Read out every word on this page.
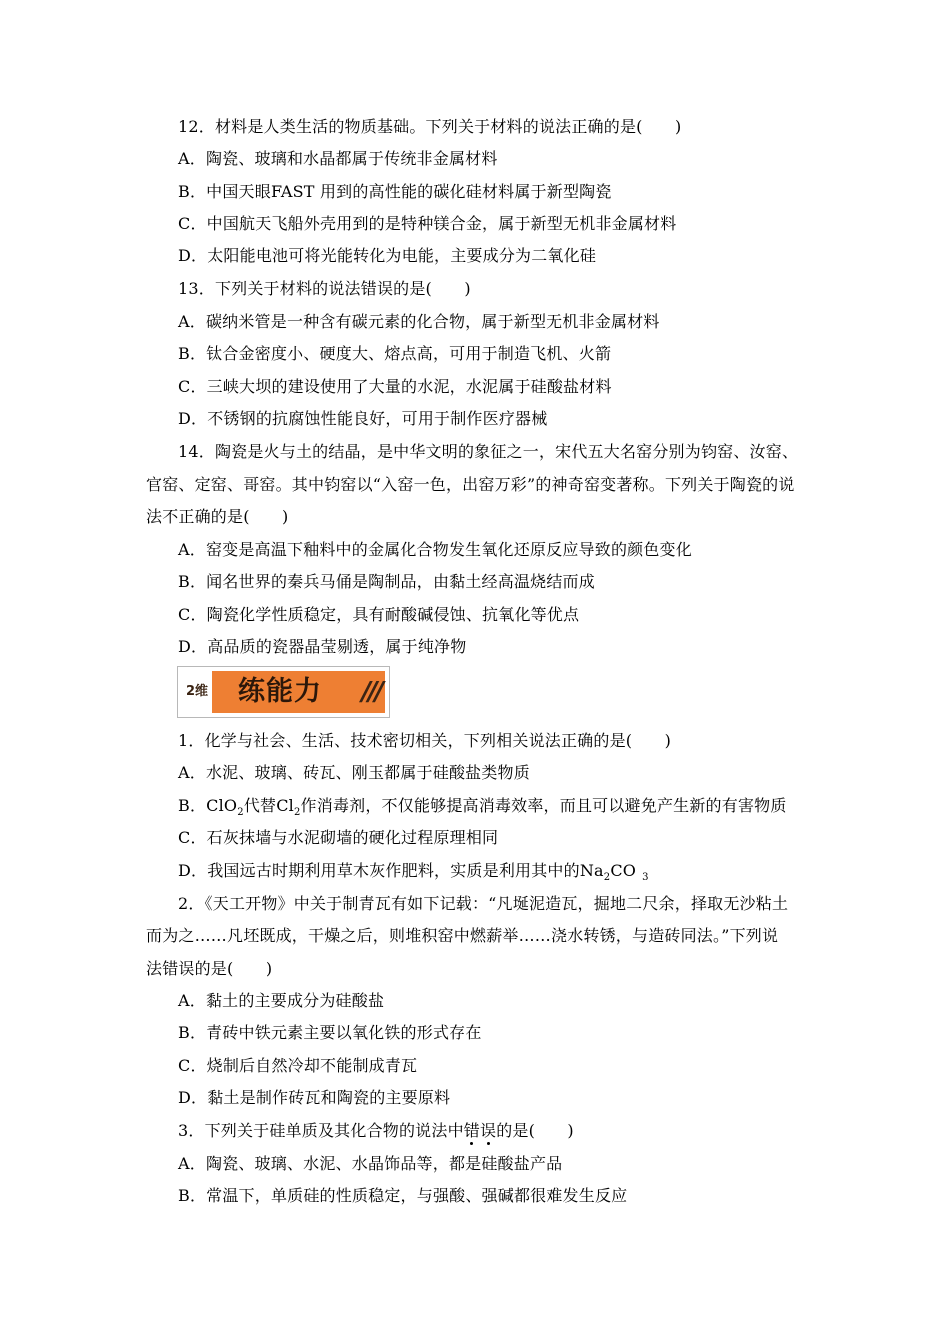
12．材料是人类生活的物质基础。下列关于材料的说法正确的是(　　)
A．陶瓷、玻璃和水晶都属于传统非金属材料
B．中国天眼FAST 用到的高性能的碳化硅材料属于新型陶瓷
C．中国航天飞船外壳用到的是特种镁合金，属于新型无机非金属材料
D．太阳能电池可将光能转化为电能，主要成分为二氧化硅
13．下列关于材料的说法错误的是(　　)
A．碳纳米管是一种含有碳元素的化合物，属于新型无机非金属材料
B．钛合金密度小、硬度大、熔点高，可用于制造飞机、火箭
C．三峡大坝的建设使用了大量的水泥，水泥属于硅酸盐材料
D．不锈钢的抗腐蚀性能良好，可用于制作医疗器械
14．陶瓷是火与土的结晶，是中华文明的象征之一，宋代五大名窑分别为钧窑、汝窑、
官窑、定窑、哥窑。其中钧窑以“入窑一色，出窑万彩”的神奇窑变著称。下列关于陶瓷的说
法不正确的是(　　)
A．窑变是高温下釉料中的金属化合物发生氧化还原反应导致的颜色变化
B．闻名世界的秦兵马俑是陶制品，由黏土经高温烧结而成
C．陶瓷化学性质稳定，具有耐酸碱侵蚀、抗氧化等优点
D．高品质的瓷器晶莹剔透，属于纯净物
2维 练能力 ///
1．化学与社会、生活、技术密切相关，下列相关说法正确的是(　　)
A．水泥、玻璃、砖瓦、刚玉都属于硅酸盐类物质
B．ClO$_2$代替$Cl_2$作消毒剂，不仅能够提高消毒效率，而且可以避免产生新的有害物质
C．石灰抹墙与水泥砌墙的硬化过程原理相同
D．我国远古时期利用草木灰作肥料，实质是利用其中的$Na_2CO$ $_3$
2．《天工开物》中关于制青瓦有如下记载：“凡埏泥造瓦，掘地二尺余，择取无沙粘土
而为之……凡坯既成，干燥之后，则堆积窑中燃薪举……浇水转锈，与造砖同法。”下列说
法错误的是(　　)
A．黏土的主要成分为硅酸盐
B．青砖中铁元素主要以氧化铁的形式存在
C．烧制后自然冷却不能制成青瓦
D．黏土是制作砖瓦和陶瓷的主要原料
3．下列关于硅单质及其化合物的说法中错误的是(　　)
A．陶瓷、玻璃、水泥、水晶饰品等，都是硅酸盐产品
B．常温下，单质硅的性质稳定，与强酸、强碱都很难发生反应
